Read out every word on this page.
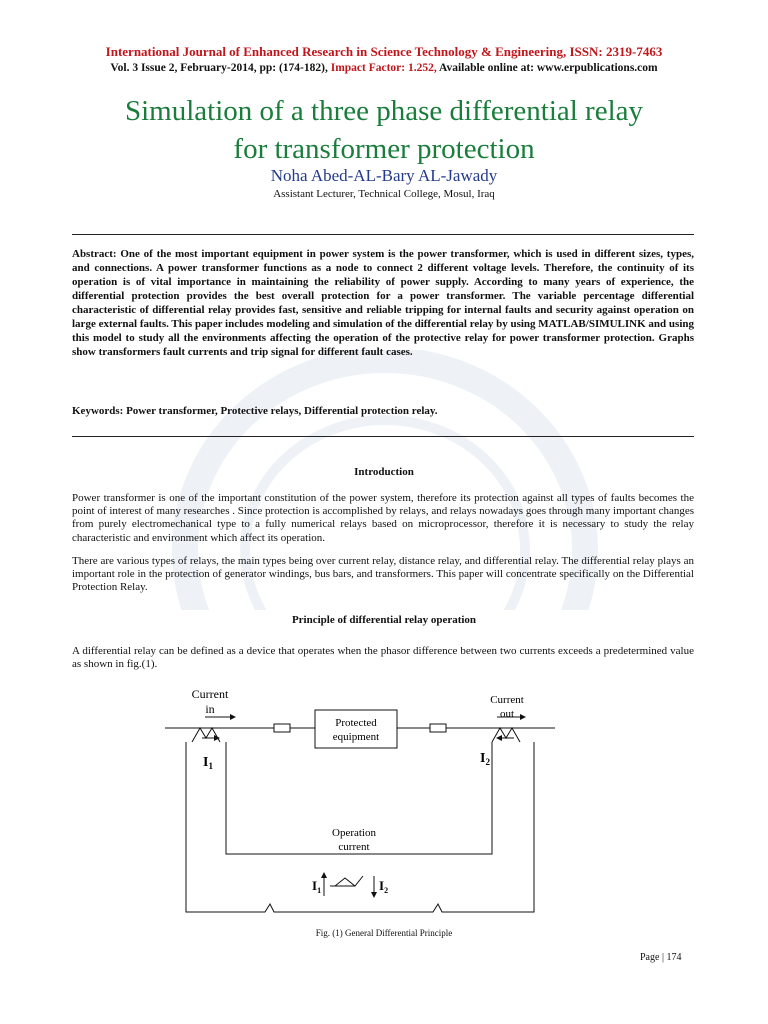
International Journal of Enhanced Research in Science Technology & Engineering, ISSN: 2319-7463
Vol. 3 Issue 2, February-2014, pp: (174-182), Impact Factor: 1.252, Available online at: www.erpublications.com
Simulation of a three phase differential relay
for transformer protection
Noha Abed-AL-Bary AL-Jawady
Assistant Lecturer, Technical College, Mosul, Iraq
Abstract: One of the most important equipment in power system is the power transformer, which is used in different sizes, types, and connections. A power transformer functions as a node to connect 2 different voltage levels. Therefore, the continuity of its operation is of vital importance in maintaining the reliability of power supply. According to many years of experience, the differential protection provides the best overall protection for a power transformer. The variable percentage differential characteristic of differential relay provides fast, sensitive and reliable tripping for internal faults and security against operation on large external faults. This paper includes modeling and simulation of the differential relay by using MATLAB/SIMULINK and using this model to study all the environments affecting the operation of the protective relay for power transformer protection. Graphs show transformers fault currents and trip signal for different fault cases.
Keywords: Power transformer, Protective relays, Differential protection relay.
Introduction
Power transformer is one of the important constitution of the power system, therefore its protection against all types of faults becomes the point of interest of many researches . Since protection is accomplished by relays, and relays nowadays goes through many important changes from purely electromechanical type to a fully numerical relays based on microprocessor, therefore it is necessary to study the relay characteristic and environment which affect its operation.
There are various types of relays, the main types being over current relay, distance relay, and differential relay. The differential relay plays an important role in the protection of generator windings, bus bars, and transformers. This paper will concentrate specifically on the Differential Protection Relay.
Principle of differential relay operation
A differential relay can be defined as a device that operates when the phasor difference between two currents exceeds a predetermined value as shown in fig.(1).
Protected
equipment
Current
in
Current
out
$I_1$	$I_2$
Operation
current
$I_1$	$I_2$
Fig. (1) General Differential Principle
Page | 174
